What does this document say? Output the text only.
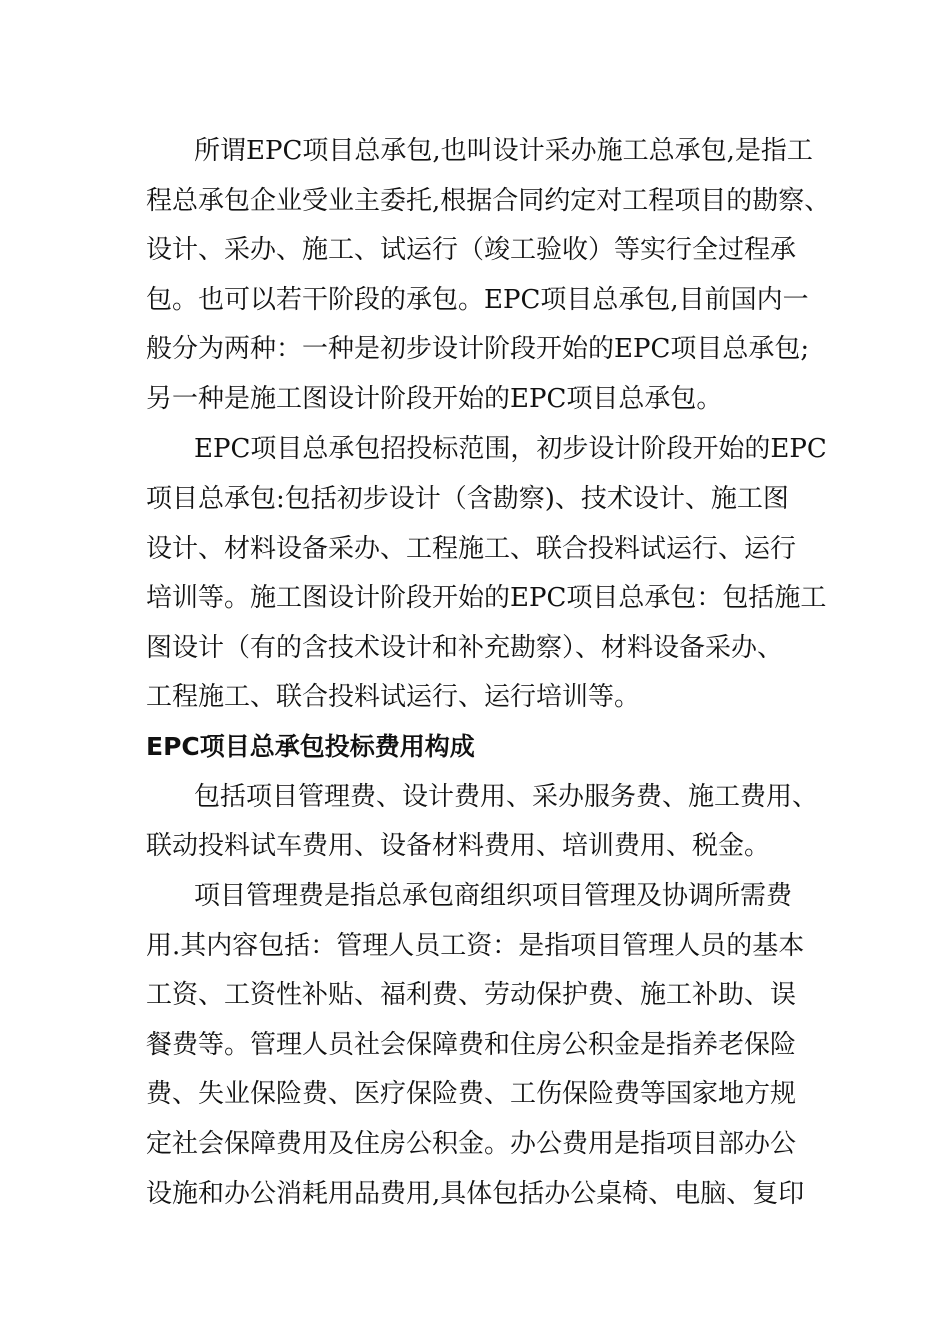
所谓EPC项目总承包,也叫设计采办施工总承包,是指工
程总承包企业受业主委托,根据合同约定对工程项目的勘察、
设计、采办、施工、试运行（竣工验收）等实行全过程承
包。也可以若干阶段的承包。EPC项目总承包,目前国内一
般分为两种：一种是初步设计阶段开始的EPC项目总承包;
另一种是施工图设计阶段开始的EPC项目总承包。
EPC项目总承包招投标范围，初步设计阶段开始的EPC
项目总承包:包括初步设计（含勘察)、技术设计、施工图
设计、材料设备采办、工程施工、联合投料试运行、运行
培训等。施工图设计阶段开始的EPC项目总承包：包括施工
图设计（有的含技术设计和补充勘察）、材料设备采办、
工程施工、联合投料试运行、运行培训等。
EPC项目总承包投标费用构成
包括项目管理费、设计费用、采办服务费、施工费用、
联动投料试车费用、设备材料费用、培训费用、税金。
项目管理费是指总承包商组织项目管理及协调所需费
用.其内容包括：管理人员工资：是指项目管理人员的基本
工资、工资性补贴、福利费、劳动保护费、施工补助、误
餐费等。管理人员社会保障费和住房公积金是指养老保险
费、失业保险费、医疗保险费、工伤保险费等国家地方规
定社会保障费用及住房公积金。办公费用是指项目部办公
设施和办公消耗用品费用,具体包括办公桌椅、电脑、复印
